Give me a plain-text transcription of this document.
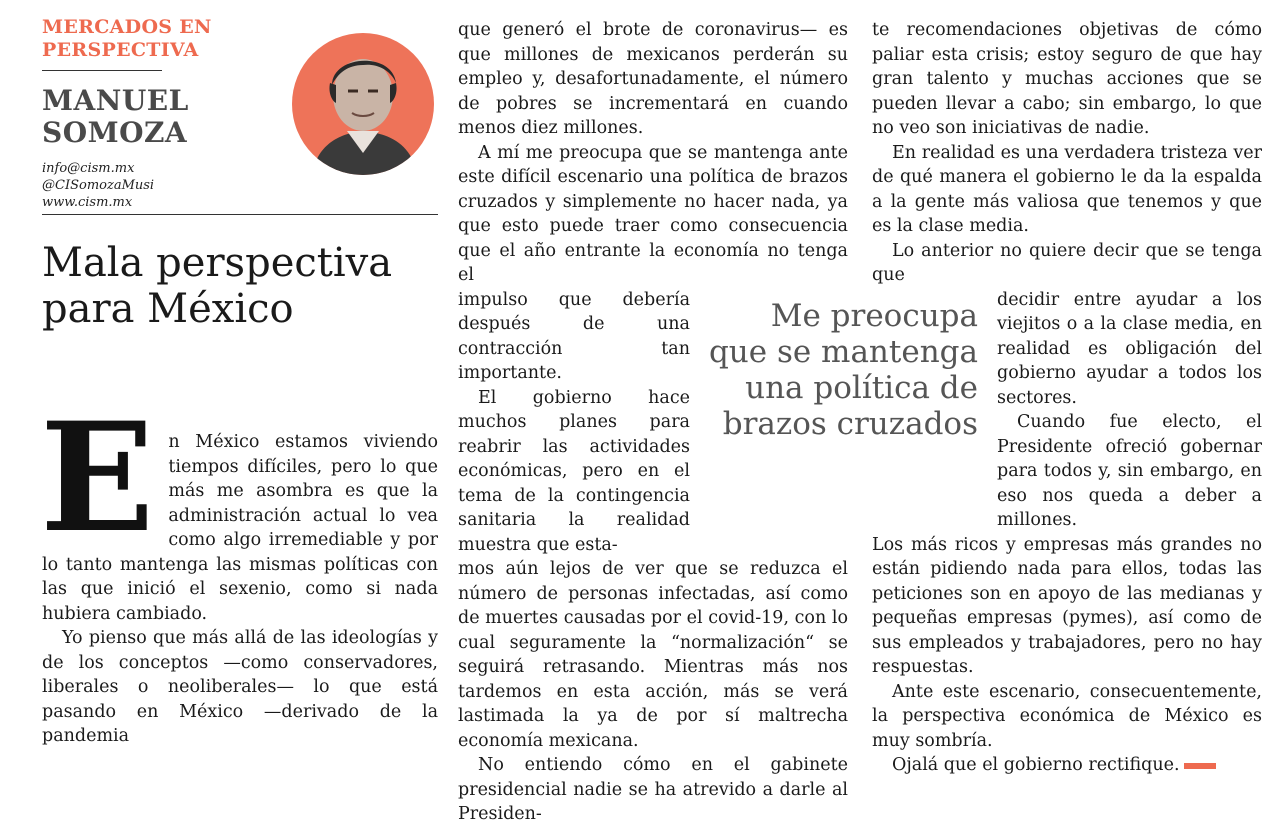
MERCADOS EN
PERSPECTIVA
MANUEL
SOMOZA
info@cism.mx
@CISomozaMusi
www.cism.mx
Mala perspectiva
para México
E n México estamos viviendo tiempos difíciles, pero lo que más me asombra es que la administración actual lo vea como algo irremediable y por lo tanto mantenga las mismas políticas con las que inició el sexenio, como si nada hubiera cambiado.

Yo pienso que más allá de las ideologías y de los conceptos —como conservadores, liberales o neoliberales— lo que está pasando en México —derivado de la pandemia

que generó el brote de coronavirus— es que millones de mexicanos perderán su empleo y, desafortunadamente, el número de pobres se incrementará en cuando menos diez millones.

A mí me preocupa que se mantenga ante este difícil escenario una política de brazos cruzados y simplemente no hacer nada, ya que esto puede traer como consecuencia que el año entrante la economía no tenga el

impulso que debería después de una contracción tan importante.

El gobierno hace muchos planes para reabrir las actividades económicas, pero en el tema de la contingencia sanitaria la realidad muestra que esta-

mos aún lejos de ver que se reduzca el número de personas infectadas, así como de muertes causadas por el covid-19, con lo cual seguramente la “normalización“ se seguirá retrasando. Mientras más nos tardemos en esta acción, más se verá lastimada la ya de por sí maltrecha economía mexicana.

No entiendo cómo en el gabinete presidencial nadie se ha atrevido a darle al Presiden-

te recomendaciones objetivas de cómo paliar esta crisis; estoy seguro de que hay gran talento y muchas acciones que se pueden llevar a cabo; sin embargo, lo que no veo son iniciativas de nadie.

En realidad es una verdadera tristeza ver de qué manera el gobierno le da la espalda a la gente más valiosa que tenemos y que es la clase media.

Lo anterior no quiere decir que se tenga que

decidir entre ayudar a los viejitos o a la clase media, en realidad es obligación del gobierno ayudar a todos los sectores.

Cuando fue electo, el Presidente ofreció gobernar para todos y, sin embargo, en eso nos queda a deber a millones.

Los más ricos y empresas más grandes no están pidiendo nada para ellos, todas las peticiones son en apoyo de las medianas y pequeñas empresas (pymes), así como de sus empleados y trabajadores, pero no hay respuestas.

Ante este escenario, consecuentemente, la perspectiva económica de México es muy sombría.

Ojalá que el gobierno rectifique.

Me preocupa que se mantenga una política de brazos cruzados
